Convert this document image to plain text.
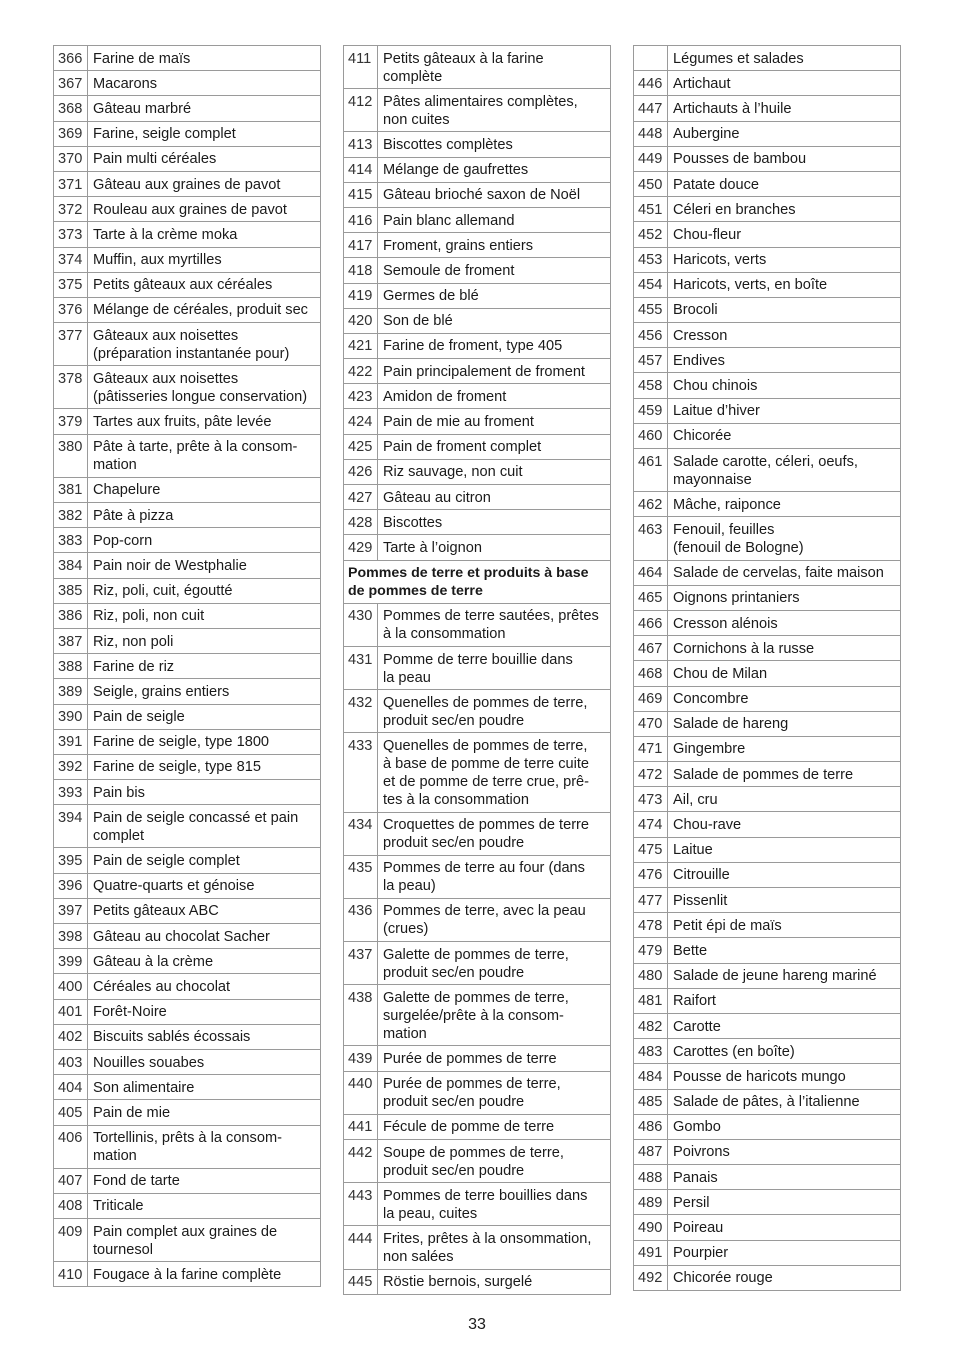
366	Farine de maïs
367	Macarons
368	Gâteau marbré
369	Farine, seigle complet
370	Pain multi céréales
371	Gâteau aux graines de pavot
372	Rouleau aux graines de pavot
373	Tarte à la crème moka
374	Muffin, aux myrtilles
375	Petits gâteaux aux céréales
376	Mélange de céréales, produit sec
377	Gâteaux aux noisettes
(préparation instantanée pour)
378	Gâteaux aux noisettes
(pâtisseries longue conservation)
379	Tartes aux fruits, pâte levée
380	Pâte à tarte, prête à la consom-
mation
381	Chapelure
382	Pâte à pizza
383	Pop-corn
384	Pain noir de Westphalie
385	Riz, poli, cuit, égoutté
386	Riz, poli, non cuit
387	Riz, non poli
388	Farine de riz
389	Seigle, grains entiers
390	Pain de seigle
391	Farine de seigle, type 1800
392	Farine de seigle, type 815
393	Pain bis
394	Pain de seigle concassé et pain
complet
395	Pain de seigle complet
396	Quatre-quarts et génoise
397	Petits gâteaux ABC
398	Gâteau au chocolat Sacher
399	Gâteau à la crème
400	Céréales au chocolat
401	Forêt-Noire
402	Biscuits sablés écossais
403	Nouilles souabes
404	Son alimentaire
405	Pain de mie
406	Tortellinis, prêts à la consom-
mation
407	Fond de tarte
408	Triticale
409	Pain complet aux graines de
tournesol
410	Fougace à la farine complète
411	Petits gâteaux à la farine
complète
412	Pâtes alimentaires complètes,
non cuites
413	Biscottes complètes
414	Mélange de gaufrettes
415	Gâteau brioché saxon de Noël
416	Pain blanc allemand
417	Froment, grains entiers
418	Semoule de froment
419	Germes de blé
420	Son de blé
421	Farine de froment, type 405
422	Pain principalement de froment
423	Amidon de froment
424	Pain de mie au froment
425	Pain de froment complet
426	Riz sauvage, non cuit
427	Gâteau au citron
428	Biscottes
429	Tarte à l’oignon
Pommes de terre et produits à base
de pommes de terre	
430	Pommes de terre sautées, prêtes
à la consommation
431	Pomme de terre bouillie dans
la peau
432	Quenelles de pommes de terre,
produit sec/en poudre
433	Quenelles de pommes de terre,
à base de pomme de terre cuite
et de pomme de terre crue, prê-
tes à la consommation
434	Croquettes de pommes de terre
produit sec/en poudre
435	Pommes de terre au four (dans
la peau)
436	Pommes de terre, avec la peau
(crues)
437	Galette de pommes de terre,
produit sec/en poudre
438	Galette de pommes de terre,
surgelée/prête à la consom-
mation
439	Purée de pommes de terre
440	Purée de pommes de terre,
produit sec/en poudre
441	Fécule de pomme de terre
442	Soupe de pommes de terre,
produit sec/en poudre
443	Pommes de terre bouillies dans
la peau, cuites
444	Frites, prêtes à la onsommation,
non salées
445	Röstie bernois, surgelé
	Légumes et salades
446	Artichaut
447	Artichauts à l’huile
448	Aubergine
449	Pousses de bambou
450	Patate douce
451	Céleri en branches
452	Chou-fleur
453	Haricots, verts
454	Haricots, verts, en boîte
455	Brocoli
456	Cresson
457	Endives
458	Chou chinois
459	Laitue d’hiver
460	Chicorée
461	Salade carotte, céleri, oeufs,
mayonnaise
462	Mâche, raiponce
463	Fenouil, feuilles
(fenouil de Bologne)
464	Salade de cervelas, faite maison
465	Oignons printaniers
466	Cresson alénois
467	Cornichons à la russe
468	Chou de Milan
469	Concombre
470	Salade de hareng
471	Gingembre
472	Salade de pommes de terre
473	Ail, cru
474	Chou-rave
475	Laitue
476	Citrouille
477	Pissenlit
478	Petit épi de maïs
479	Bette
480	Salade de jeune hareng mariné
481	Raifort
482	Carotte
483	Carottes (en boîte)
484	Pousse de haricots mungo
485	Salade de pâtes, à l’italienne
486	Gombo
487	Poivrons
488	Panais
489	Persil
490	Poireau
491	Pourpier
492	Chicorée rouge
33
